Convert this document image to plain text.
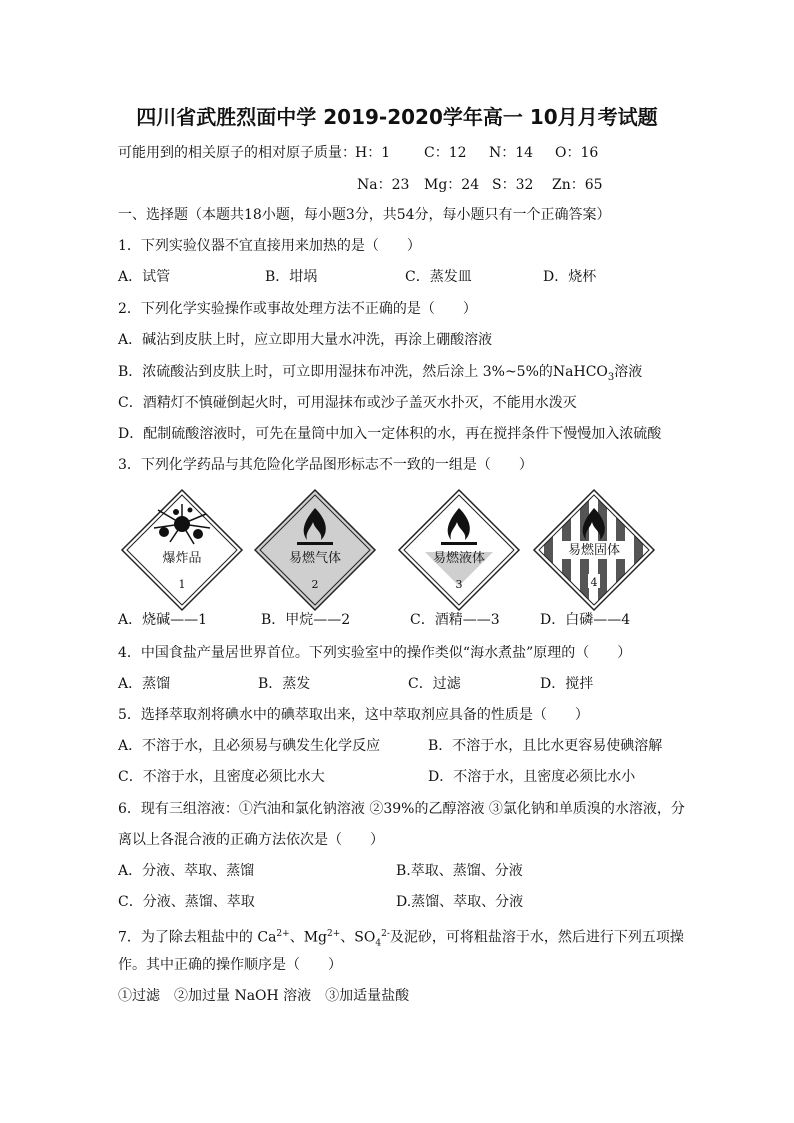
四川省武胜烈面中学 2019-2020学年高一 10月月考试题
可能用到的相关原子的相对原子质量： H：1 C：12 N：14 O：16
Na：23 Mg：24 S：32 Zn：65
一、选择题（本题共18小题，每小题3分，共54分，每小题只有一个正确答案）
1．下列实验仪器不宜直接用来加热的是（　　）
A．试管	B．坩埚	C．蒸发皿	D．烧杯
2．下列化学实验操作或事故处理方法不正确的是（　　）
A．碱沾到皮肤上时，应立即用大量水冲洗，再涂上硼酸溶液
B．浓硫酸沾到皮肤上时，可立即用湿抹布冲洗，然后涂上 3%~5%的NaHCO$_3$溶液
C．酒精灯不慎碰倒起火时，可用湿抹布或沙子盖灭水扑灭，不能用水泼灭
D．配制硫酸溶液时，可先在量筒中加入一定体积的水，再在搅拌条件下慢慢加入浓硫酸
3．下列化学药品与其危险化学品图形标志不一致的一组是（　　）
爆炸品
1
易燃气体
2
易燃液体
3
易燃固体
4
A．烧碱——1	B．甲烷——2	C．酒精——3	D．白磷——4
4．中国食盐产量居世界首位。下列实验室中的操作类似“海水煮盐”原理的（　　）
A．蒸馏	B．蒸发	C．过滤	D．搅拌
5．选择萃取剂将碘水中的碘萃取出来，这中萃取剂应具备的性质是（　　）
A．不溶于水，且必须易与碘发生化学反应	B．不溶于水，且比水更容易使碘溶解
C．不溶于水，且密度必须比水大	D．不溶于水，且密度必须比水小
6．现有三组溶液：①汽油和氯化钠溶液 ②39%的乙醇溶液 ③氯化钠和单质溴的水溶液，分
离以上各混合液的正确方法依次是（　　）
A．分液、萃取、蒸馏	B.萃取、蒸馏、分液
C．分液、蒸馏、萃取	D.蒸馏、萃取、分液
7．为了除去粗盐中的 $Ca^{2+}$、$Mg^{2+}$、$SO_4^{2-}$及泥砂，可将粗盐溶于水，然后进行下列五项操
作。其中正确的操作顺序是（　　）
①过滤　②加过量 NaOH 溶液　③加适量盐酸
